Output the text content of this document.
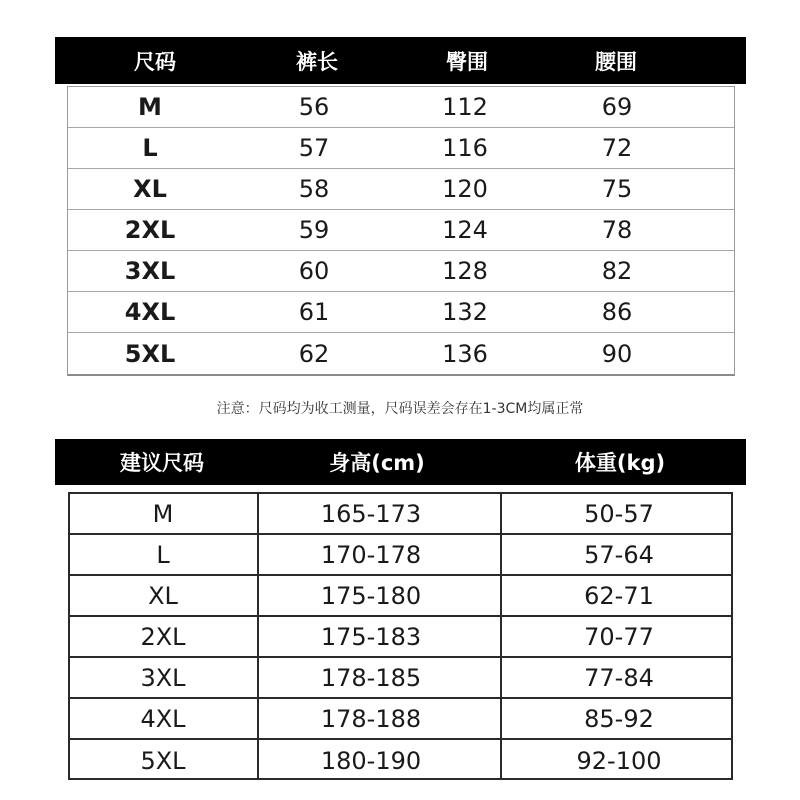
尺码	裤长	臀围	腰围
M	56	112	69
L	57	116	72
XL	58	120	75
2XL	59	124	78
3XL	60	128	82
4XL	61	132	86
5XL	62	136	90
注意：尺码均为收工测量，尺码误差会存在1-3CM均属正常
建议尺码	身高(cm)	体重(kg)
M	165-173	50-57
L	170-178	57-64
XL	175-180	62-71
2XL	175-183	70-77
3XL	178-185	77-84
4XL	178-188	85-92
5XL	180-190	92-100
